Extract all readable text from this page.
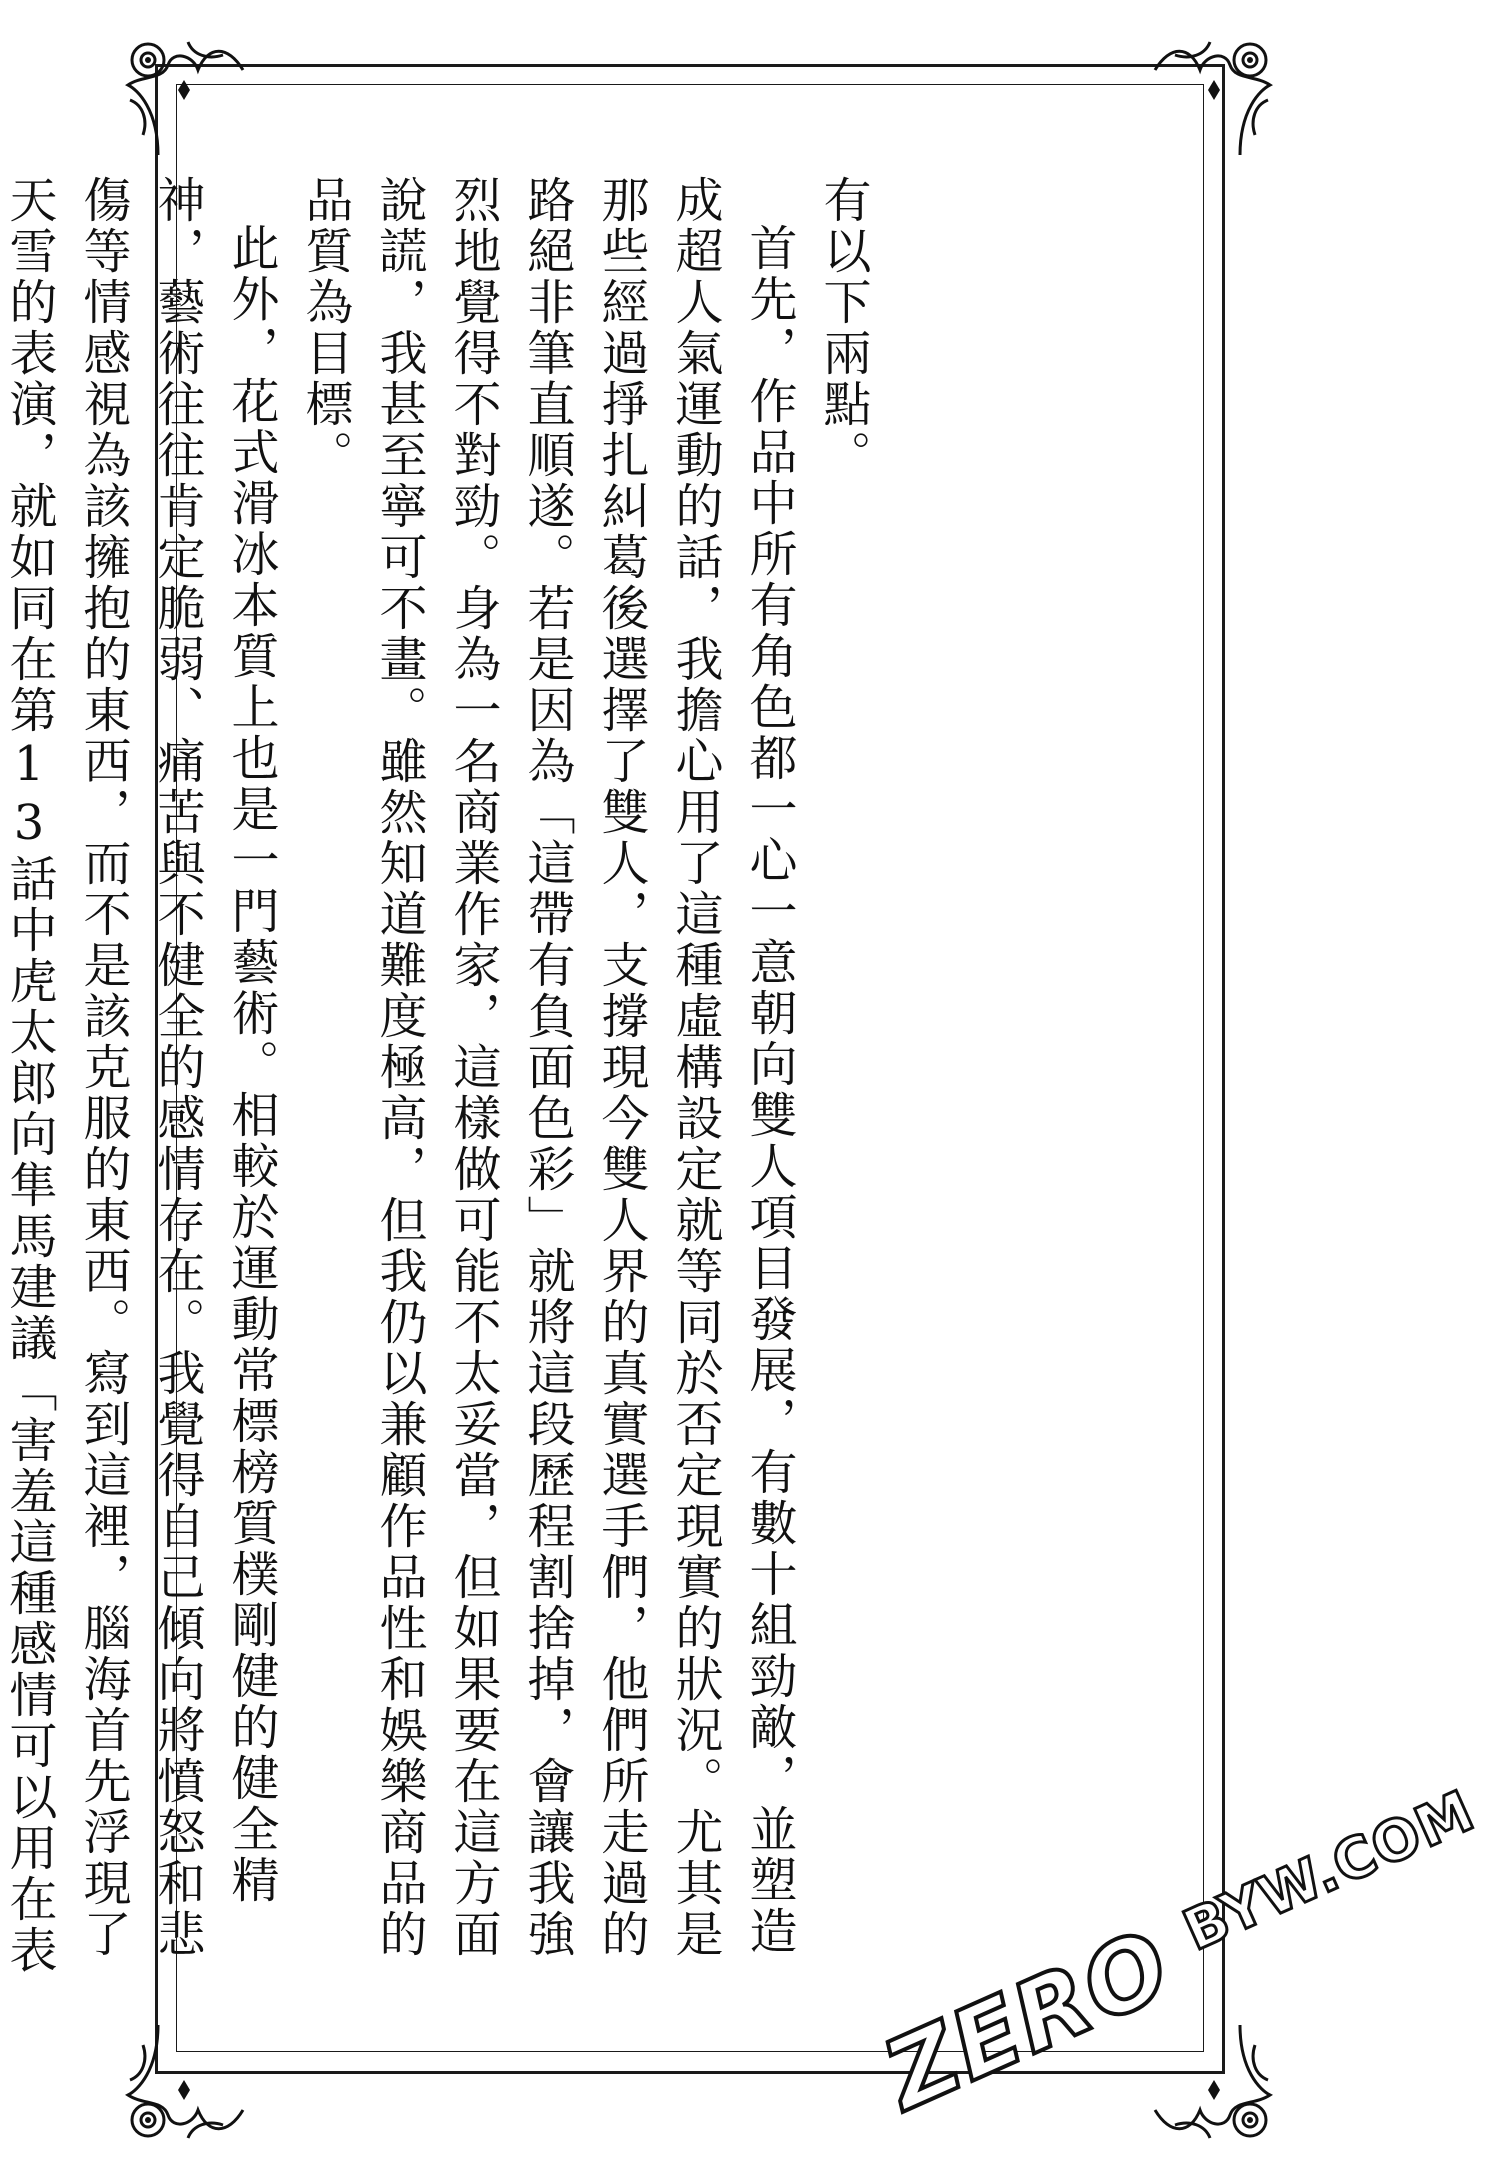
有以下兩點。

首先，作品中所有角色都一心一意朝向雙人項目發展，有數十組勁敵，並塑造成超人氣運動的話，我擔心用了這種虛構設定就等同於否定現實的狀況。尤其是那些經過掙扎糾葛後選擇了雙人，支撐現今雙人界的真實選手們，他們所走過的路絕非筆直順遂。若是因為「這帶有負面色彩」就將這段歷程割捨掉，會讓我強烈地覺得不對勁。身為一名商業作家，這樣做可能不太妥當，但如果要在這方面說謊，我甚至寧可不畫。雖然知道難度極高，但我仍以兼顧作品性和娛樂商品的品質為目標。

此外，花式滑冰本質上也是一門藝術。相較於運動常標榜質樸剛健的健全精神，藝術往往肯定脆弱、痛苦與不健全的感情存在。我覺得自己傾向將憤怒和悲傷等情感視為該擁抱的東西，而不是該克服的東西。寫到這裡，腦海首先浮現了天雪的表演，就如同在第13話中虎太郎向隼馬建議「害羞這種感情可以用在表	ZERO
BYW.COM
